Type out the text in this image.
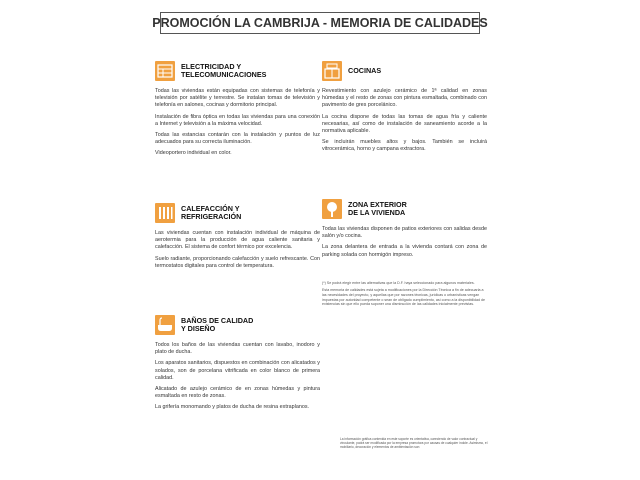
PROMOCIÓN LA CAMBRIJA - MEMORIA DE CALIDADES
ELECTRICIDAD Y
TELECOMUNICACIONES

Todas las viviendas están equipadas con sistemas de telefonía y televisión por satélite y terrestre. Se instalan tomas de televisión y telefonía en salones, cocinas y dormitorio principal.

Instalación de fibra óptica en todas las viviendas para una conexión a Internet y televisión a la máxima velocidad.

Todas las estancias contarán con la instalación y puntos de luz adecuados para su correcta iluminación.

Videoportero individual en color.

COCINAS

Revestimiento con azulejo cerámico de 1ª calidad en zonas húmedas y el resto de zonas con pintura esmaltada, combinado con pavimento de gres porcelánico.

La cocina dispone de todas las tomas de agua fría y caliente necesarias, así como de instalación de saneamiento acorde a la normativa aplicable.

Se incluirán muebles altos y bajos. También se incluirá vitrocerámica, horno y campana extractora.

CALEFACCIÓN Y
REFRIGERACIÓN

Las viviendas cuentan con instalación individual de máquina de aerotermia para la producción de agua caliente sanitaria y calefacción. El sistema de confort térmico por excelencia.

Suelo radiante, proporcionando calefacción y suelo refrescante. Con termostatos digitales para control de temperatura.

ZONA EXTERIOR
DE LA VIVIENDA

Todas las viviendas disponen de patios exteriores con salidas desde salón y/o cocina.

La zona delantera de entrada a la vivienda contará con zona de parking solada con hormigón impreso.

(*) Se podrá elegir entre las alternativas que la D.F. haya seleccionado para algunos materiales.

Esta memoria de calidades está sujeta a modificaciones por la Dirección Técnica a fin de adecuarla a las necesidades del proyecto, y aquellas que por razones técnicas, jurídicas o urbanísticas vengan impuestas por autoridad competente o sean de obligado cumplimiento, así como a la disponibilidad de existencias sin que ello pueda suponer una disminución de las calidades inicialmente previstas.

BAÑOS DE CALIDAD
Y DISEÑO

Todos los baños de las viviendas cuentan con lavabo, inodoro y plato de ducha.

Los aparatos sanitarios, dispuestos en combinación con alicatados y solados, son de porcelana vitrificada en color blanco de primera calidad.

Alicatado de azulejo cerámico de en zonas húmedas y pintura esmaltada en resto de zonas.

La grifería monomando y platos de ducha de resina extraplanos.

La información gráfica contenida en este soporte es orientativa, careciendo de valor contractual y vinculante, podrá ser modificada por la empresa promotora por causas de cualquier índole. Asimismo, el mobiliario, decoración y elementos de ambientación son
